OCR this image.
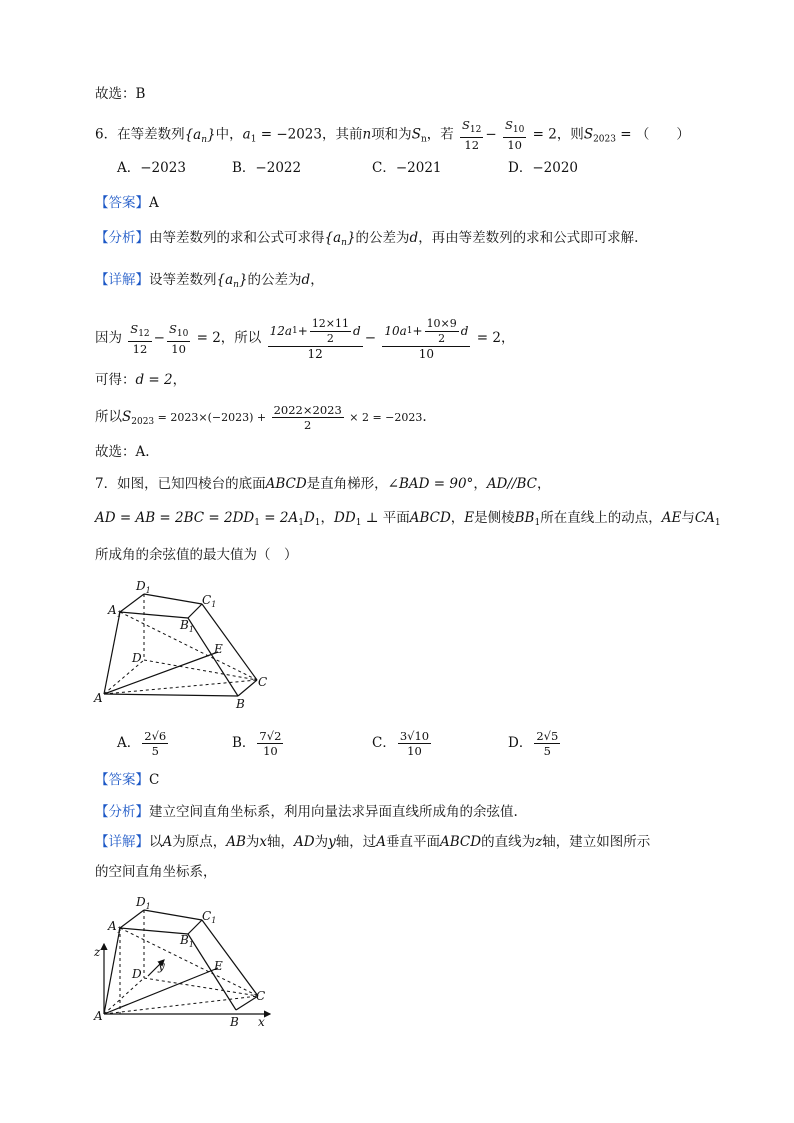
故选：B
6．在等差数列$\{a_n\}$中，$a_1 = -2023$，其前n项和为$S_n$，若 $\frac{S_{12}}{12} - \frac{S_{10}}{10} = 2$，则$S_{2023}$ = （　　）
A．−2023	B．−2022	C．−2021	D．−2020
【答案】A
【分析】由等差数列的求和公式可求得$\{a_n\}$的公差为d，再由等差数列的求和公式即可求解.
【详解】设等差数列$\{a_n\}$的公差为d，
因为 $\frac{S_{12}}{12} - \frac{S_{10}}{10} = 2$，所以 $\frac{12a 1 + \frac{12\times 11}{2} d}{12} - \frac{10a 1 + \frac{10\times 9}{2} d}{10} = 2$，
可得：d = 2，
所以$S_{2023} = 2023\times(-2023) + \frac{2022\times 2023}{2} \times 2 = -2023$.
故选：A.
7．如图，已知四棱台的底面ABCD是直角梯形，∠BAD = 90°，AD//BC，
AD = AB = $2BC = 2DD_1 = 2A_1D_1$，$DD_1$ ⊥ 平面ABCD，E是侧棱$BB_1$所在直线上的动点，AE与$CA_1$
所成角的余弦值的最大值为（　）
$D_1$
$A_1$
$C_1$
$B_1$
D
E
C
A	B
A． $\frac{2√6}{5}$	B． $\frac{7√2}{10}$	C． $\frac{3√10}{10}$	D． $\frac{2√5}{5}$
【答案】C
【分析】建立空间直角坐标系，利用向量法求异面直线所成角的余弦值.
【详解】以A为原点，AB为x轴，AD为y轴，过A垂直平面ABCD的直线为z轴，建立如图所示
的空间直角坐标系，
$D_1$
$A_1$
$C_1$
$B_1$
D
E
C
A	B
z
x
y
